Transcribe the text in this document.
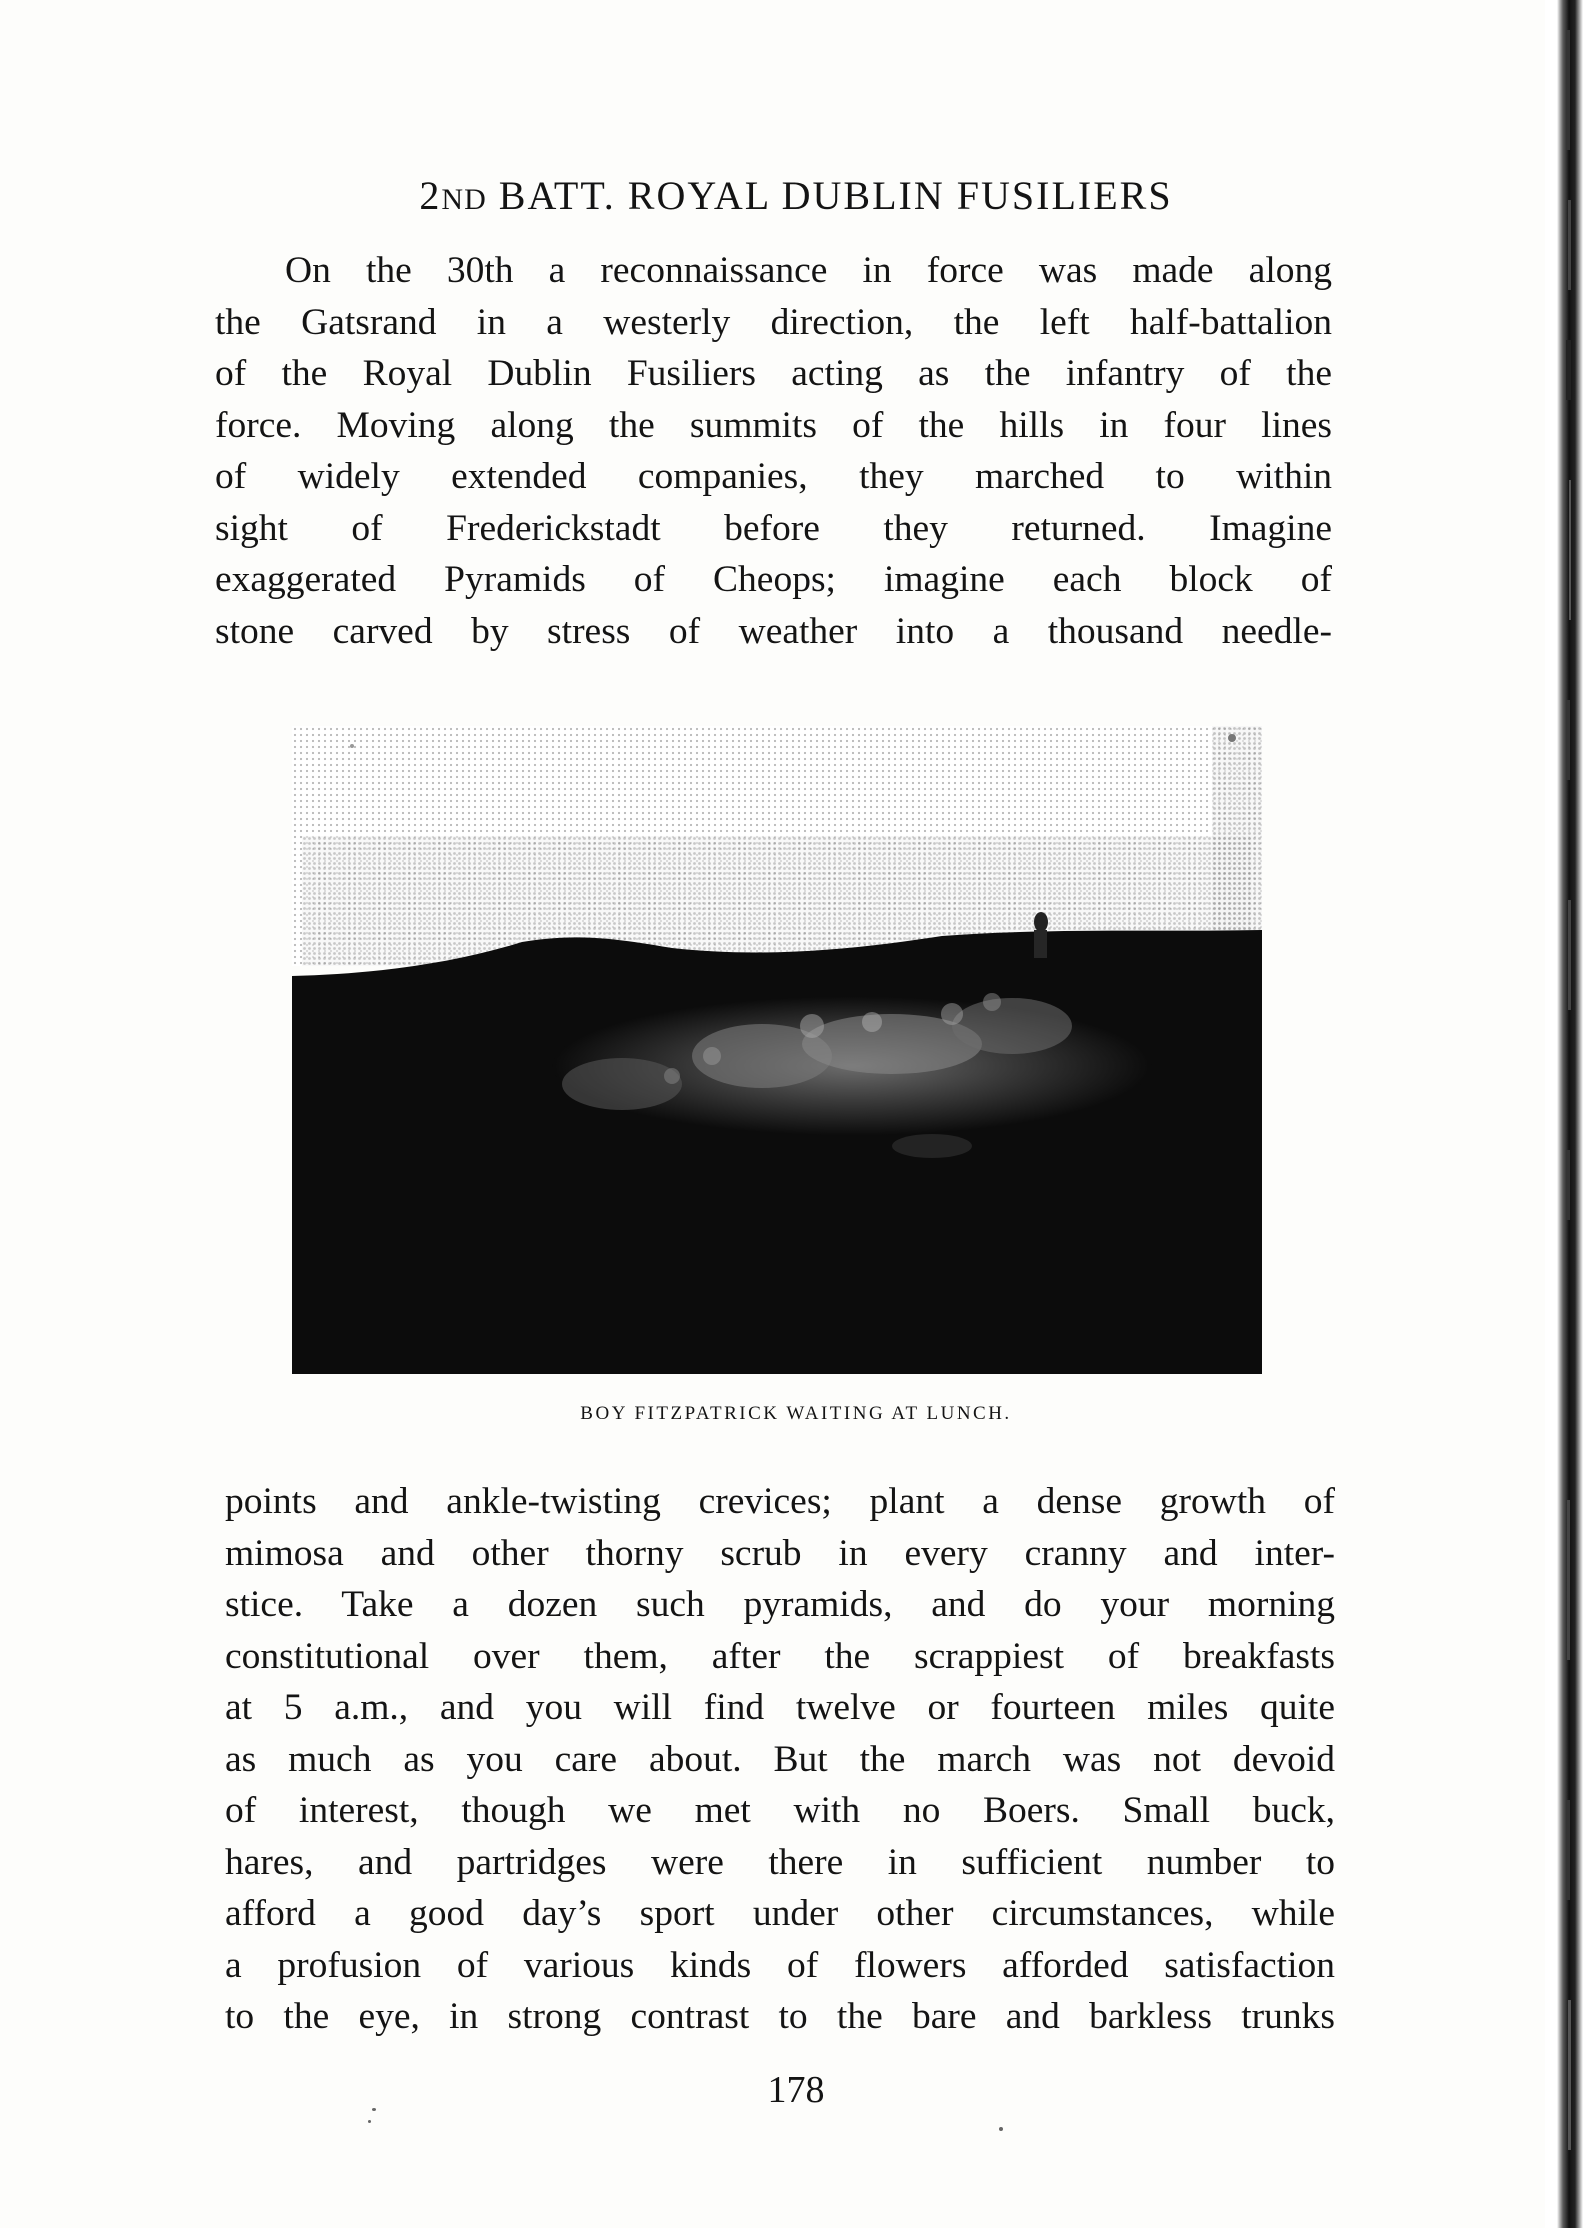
2ND BATT. ROYAL DUBLIN FUSILIERS
On the 30th a reconnaissance in force was made along
the Gatsrand in a westerly direction, the left half-battalion
of the Royal Dublin Fusiliers acting as the infantry of the
force. Moving along the summits of the hills in four lines
of widely extended companies, they marched to within
sight of Frederickstadt before they returned. Imagine
exaggerated Pyramids of Cheops; imagine each block of
stone carved by stress of weather into a thousand needle-
BOY FITZPATRICK WAITING AT LUNCH.
points and ankle-twisting crevices; plant a dense growth of
mimosa and other thorny scrub in every cranny and inter-
stice. Take a dozen such pyramids, and do your morning
constitutional over them, after the scrappiest of breakfasts
at 5 a.m., and you will find twelve or fourteen miles quite
as much as you care about. But the march was not devoid
of interest, though we met with no Boers. Small buck,
hares, and partridges were there in sufficient number to
afford a good day’s sport under other circumstances, while
a profusion of various kinds of flowers afforded satisfaction
to the eye, in strong contrast to the bare and barkless trunks
178
